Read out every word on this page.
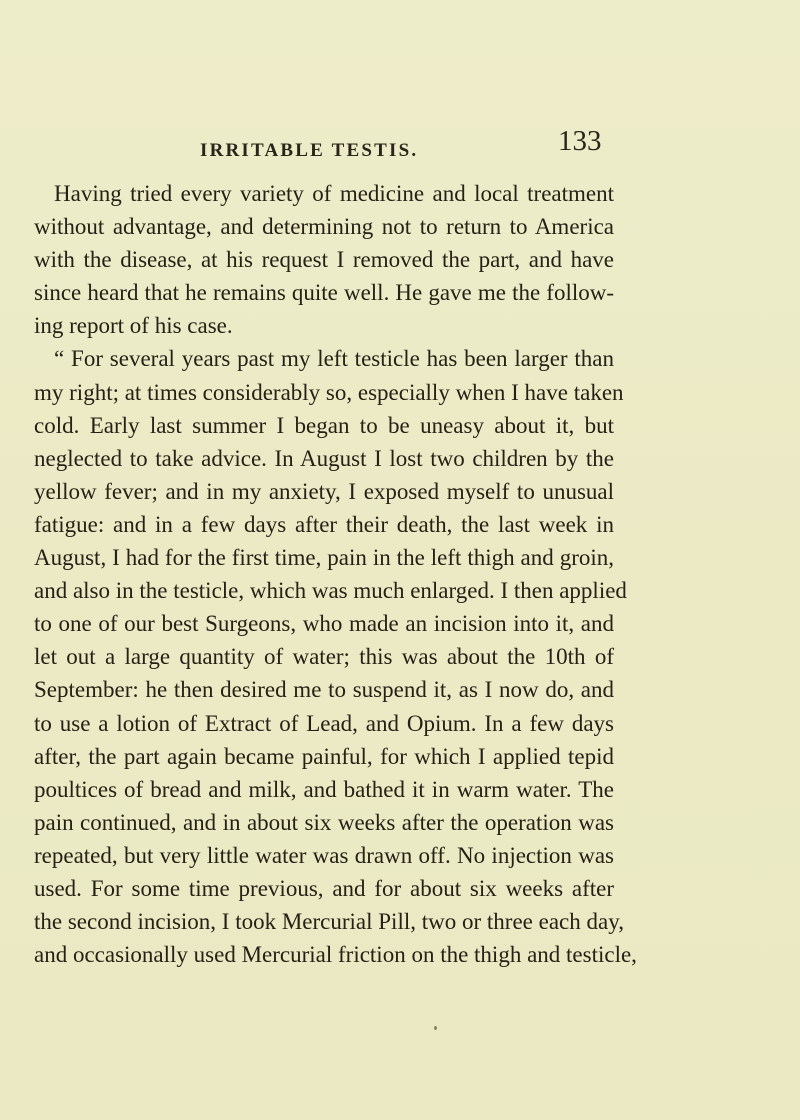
IRRITABLE TESTIS.	133
Having tried every variety of medicine and local treatment
without advantage, and determining not to return to America
with the disease, at his request I removed the part, and have
since heard that he remains quite well. He gave me the follow-
ing report of his case.
“ For several years past my left testicle has been larger than
my right; at times considerably so, especially when I have taken
cold. Early last summer I began to be uneasy about it, but
neglected to take advice. In August I lost two children by the
yellow fever; and in my anxiety, I exposed myself to unusual
fatigue: and in a few days after their death, the last week in
August, I had for the first time, pain in the left thigh and groin,
and also in the testicle, which was much enlarged. I then applied
to one of our best Surgeons, who made an incision into it, and
let out a large quantity of water; this was about the 10th of
September: he then desired me to suspend it, as I now do, and
to use a lotion of Extract of Lead, and Opium. In a few days
after, the part again became painful, for which I applied tepid
poultices of bread and milk, and bathed it in warm water. The
pain continued, and in about six weeks after the operation was
repeated, but very little water was drawn off. No injection was
used. For some time previous, and for about six weeks after
the second incision, I took Mercurial Pill, two or three each day,
and occasionally used Mercurial friction on the thigh and testicle,
